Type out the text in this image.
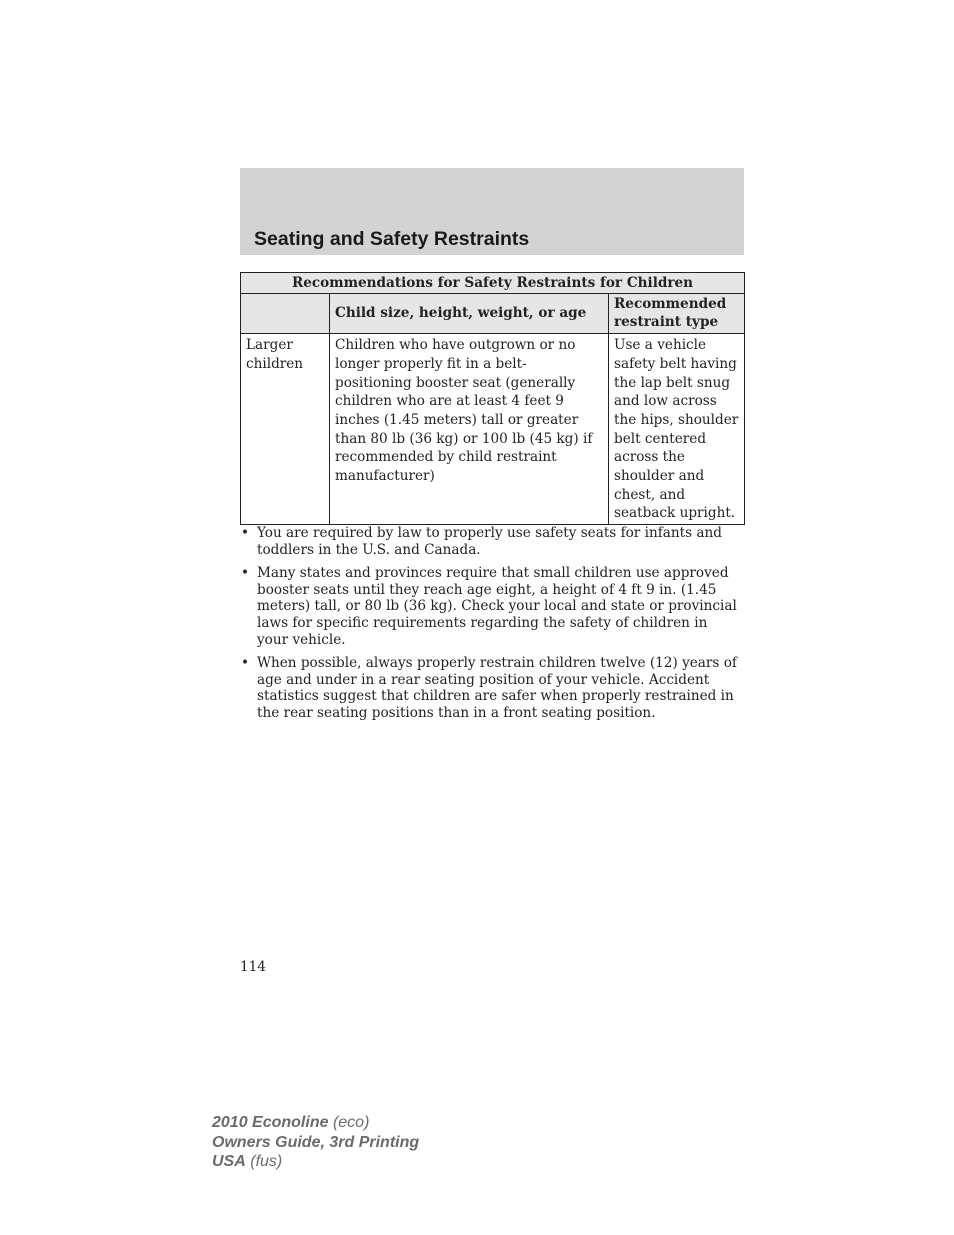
Seating and Safety Restraints
Recommendations for Safety Restraints for Children		
	Child size, height, weight, or age	Recommended restraint type
Larger children	Children who have outgrown or no longer properly fit in a belt-positioning booster seat (generally children who are at least 4 feet 9 inches (1.45 meters) tall or greater than 80 lb (36 kg) or 100 lb (45 kg) if recommended by child restraint manufacturer)	Use a vehicle safety belt having the lap belt snug and low across the hips, shoulder belt centered across the shoulder and chest, and seatback upright.
• You are required by law to properly use safety seats for infants and toddlers in the U.S. and Canada.
• Many states and provinces require that small children use approved booster seats until they reach age eight, a height of 4 ft 9 in. (1.45 meters) tall, or 80 lb (36 kg). Check your local and state or provincial laws for specific requirements regarding the safety of children in your vehicle.
• When possible, always properly restrain children twelve (12) years of age and under in a rear seating position of your vehicle. Accident statistics suggest that children are safer when properly restrained in the rear seating positions than in a front seating position.
114
2010 Econoline (eco)
Owners Guide, 3rd Printing
USA (fus)
